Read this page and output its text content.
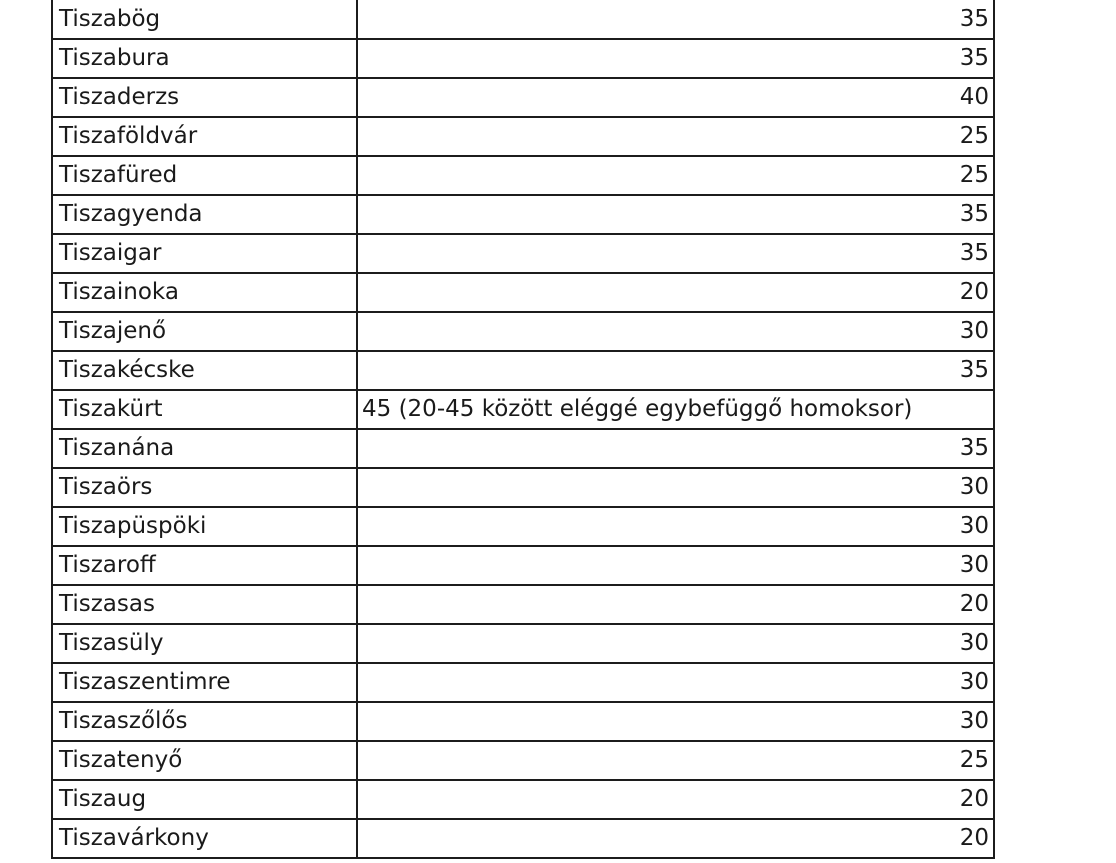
Tiszabög	35
Tiszabura	35
Tiszaderzs	40
Tiszaföldvár	25
Tiszafüred	25
Tiszagyenda	35
Tiszaigar	35
Tiszainoka	20
Tiszajenő	30
Tiszakécske	35
Tiszakürt	45 (20-45 között eléggé egybefüggő homoksor)
Tiszanána	35
Tiszaörs	30
Tiszapüspöki	30
Tiszaroff	30
Tiszasas	20
Tiszasüly	30
Tiszaszentimre	30
Tiszaszőlős	30
Tiszatenyő	25
Tiszaug	20
Tiszavárkony	20
